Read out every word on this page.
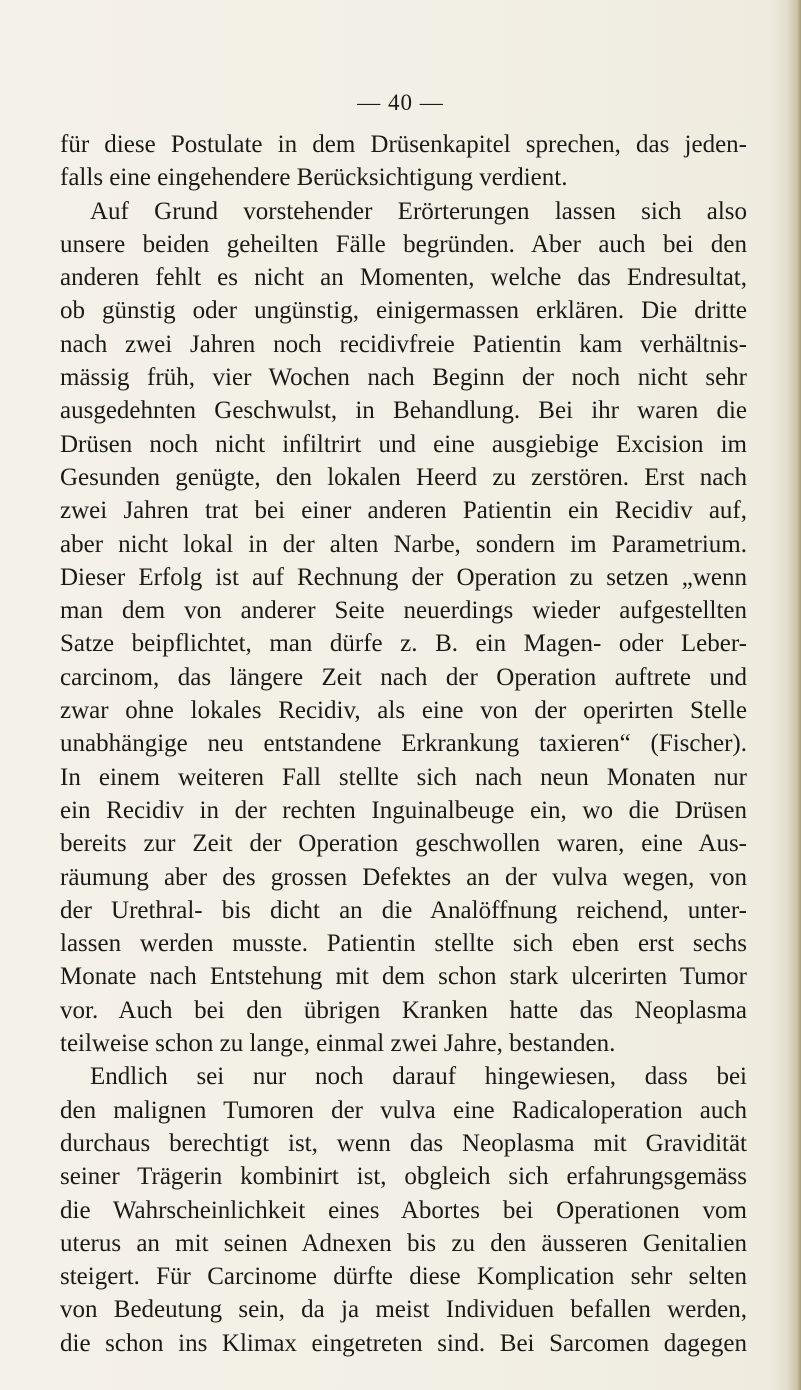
— 40 —
für diese Postulate in dem Drüsenkapitel sprechen, das jeden-
falls eine eingehendere Berücksichtigung verdient.
Auf Grund vorstehender Erörterungen lassen sich also
unsere beiden geheilten Fälle begründen. Aber auch bei den
anderen fehlt es nicht an Momenten, welche das Endresultat,
ob günstig oder ungünstig, einigermassen erklären. Die dritte
nach zwei Jahren noch recidivfreie Patientin kam verhältnis-
mässig früh, vier Wochen nach Beginn der noch nicht sehr
ausgedehnten Geschwulst, in Behandlung. Bei ihr waren die
Drüsen noch nicht infiltrirt und eine ausgiebige Excision im
Gesunden genügte, den lokalen Heerd zu zerstören. Erst nach
zwei Jahren trat bei einer anderen Patientin ein Recidiv auf,
aber nicht lokal in der alten Narbe, sondern im Parametrium.
Dieser Erfolg ist auf Rechnung der Operation zu setzen „wenn
man dem von anderer Seite neuerdings wieder aufgestellten
Satze beipflichtet, man dürfe z. B. ein Magen- oder Leber-
carcinom, das längere Zeit nach der Operation auftrete und
zwar ohne lokales Recidiv, als eine von der operirten Stelle
unabhängige neu entstandene Erkrankung taxieren“ (Fischer).
In einem weiteren Fall stellte sich nach neun Monaten nur
ein Recidiv in der rechten Inguinalbeuge ein, wo die Drüsen
bereits zur Zeit der Operation geschwollen waren, eine Aus-
räumung aber des grossen Defektes an der vulva wegen, von
der Urethral- bis dicht an die Analöffnung reichend, unter-
lassen werden musste. Patientin stellte sich eben erst sechs
Monate nach Entstehung mit dem schon stark ulcerirten Tumor
vor. Auch bei den übrigen Kranken hatte das Neoplasma
teilweise schon zu lange, einmal zwei Jahre, bestanden.
Endlich sei nur noch darauf hingewiesen, dass bei
den malignen Tumoren der vulva eine Radicaloperation auch
durchaus berechtigt ist, wenn das Neoplasma mit Gravidität
seiner Trägerin kombinirt ist, obgleich sich erfahrungsgemäss
die Wahrscheinlichkeit eines Abortes bei Operationen vom
uterus an mit seinen Adnexen bis zu den äusseren Genitalien
steigert. Für Carcinome dürfte diese Komplication sehr selten
von Bedeutung sein, da ja meist Individuen befallen werden,
die schon ins Klimax eingetreten sind. Bei Sarcomen dagegen
